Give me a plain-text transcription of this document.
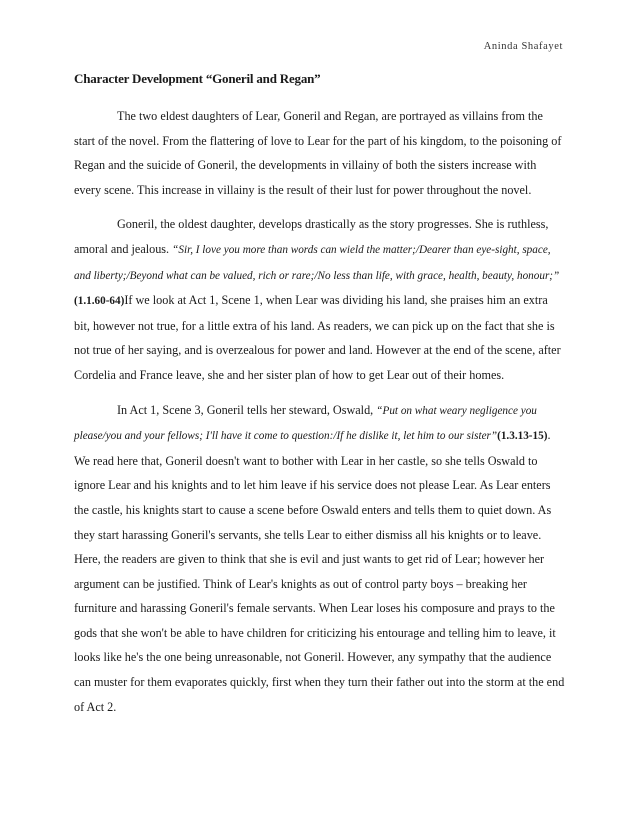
Aninda Shafayet
Character Development “Goneril and Regan”

The two eldest daughters of Lear, Goneril and Regan, are portrayed as villains from the start of the novel. From the flattering of love to Lear for the part of his kingdom, to the poisoning of Regan and the suicide of Goneril, the developments in villainy of both the sisters increase with every scene. This increase in villainy is the result of their lust for power throughout the novel.

Goneril, the oldest daughter, develops drastically as the story progresses. She is ruthless, amoral and jealous. “Sir, I love you more than words can wield the matter;/Dearer than eye-sight, space, and liberty;/Beyond what can be valued, rich or rare;/No less than life, with grace, health, beauty, honour;” (1.1.60-64)If we look at Act 1, Scene 1, when Lear was dividing his land, she praises him an extra bit, however not true, for a little extra of his land. As readers, we can pick up on the fact that she is not true of her saying, and is overzealous for power and land. However at the end of the scene, after Cordelia and France leave, she and her sister plan of how to get Lear out of their homes.

In Act 1, Scene 3, Goneril tells her steward, Oswald, “Put on what weary negligence you please/you and your fellows; I'll have it come to question:/If he dislike it, let him to our sister”(1.3.13-15). We read here that, Goneril doesn't want to bother with Lear in her castle, so she tells Oswald to ignore Lear and his knights and to let him leave if his service does not please Lear. As Lear enters the castle, his knights start to cause a scene before Oswald enters and tells them to quiet down. As they start harassing Goneril's servants, she tells Lear to either dismiss all his knights or to leave. Here, the readers are given to think that she is evil and just wants to get rid of Lear; however her argument can be justified. Think of Lear's knights as out of control party boys – breaking her furniture and harassing Goneril's female servants. When Lear loses his composure and prays to the gods that she won't be able to have children for criticizing his entourage and telling him to leave, it looks like he's the one being unreasonable, not Goneril. However, any sympathy that the audience can muster for them evaporates quickly, first when they turn their father out into the storm at the end of Act 2.
